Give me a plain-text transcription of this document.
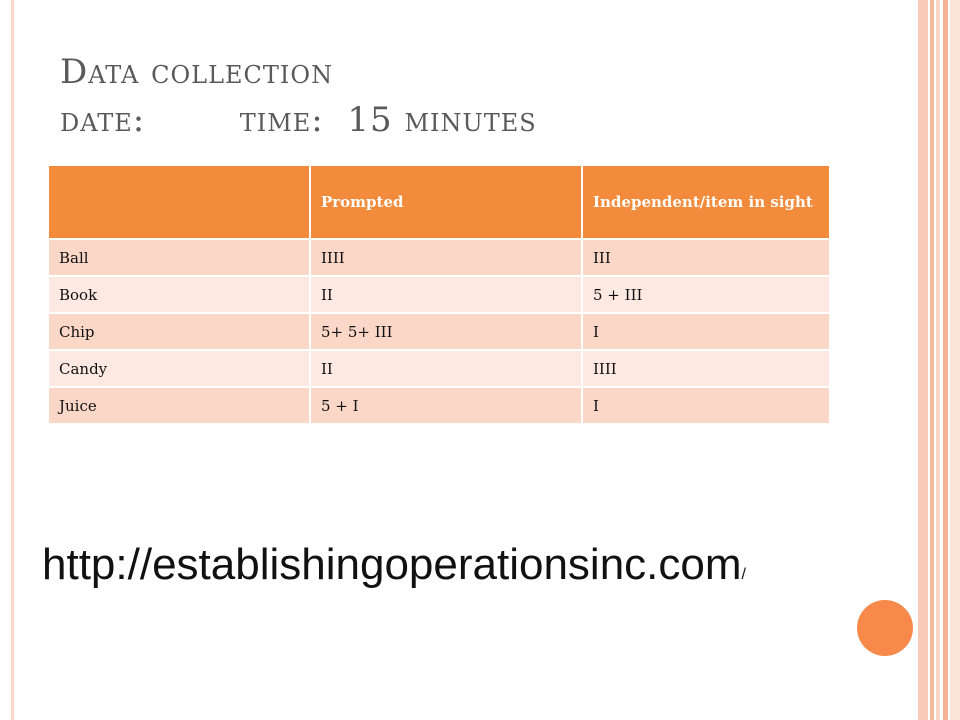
Data collection
date:	time: 15 minutes
	Prompted	Independent/item in sight
Ball	IIII	III
Book	II	5 + III
Chip	5+ 5+ III	I
Candy	II	IIII
Juice	5 + I	I
http://establishingoperationsinc.com/
